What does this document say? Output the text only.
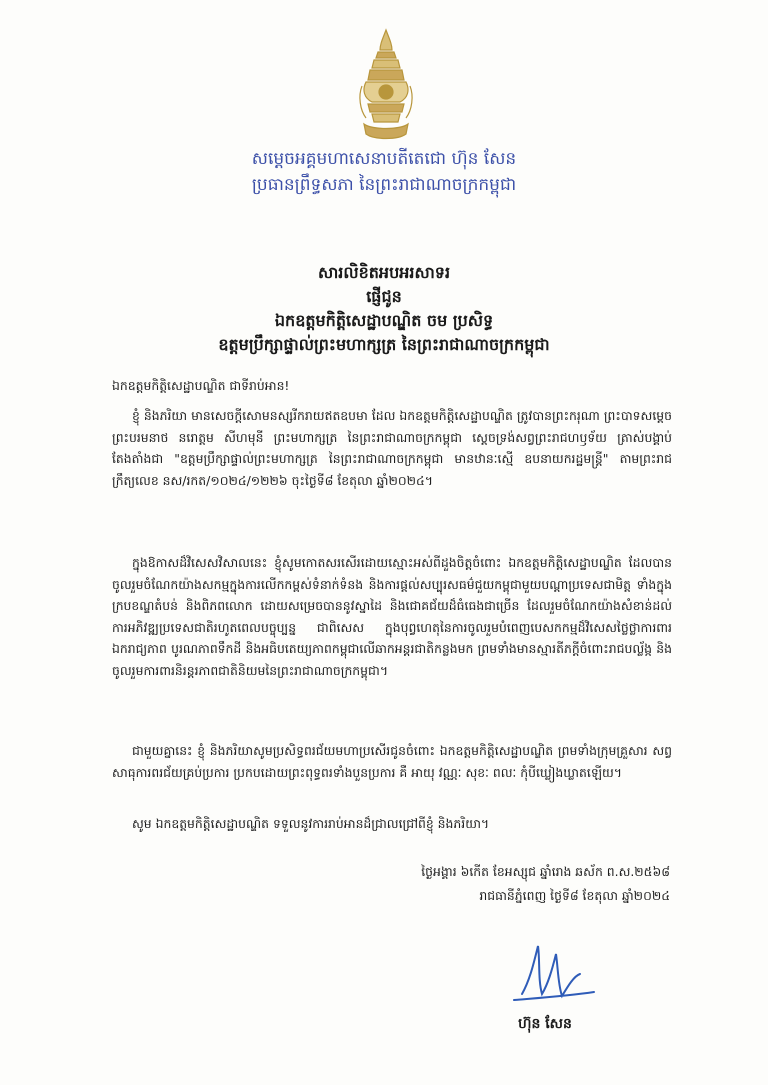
សម្ដេចអគ្គមហាសេនាបតីតេជោ ហ៊ុន សែន
ប្រធានព្រឹទ្ធសភា នៃព្រះរាជាណាចក្រកម្ពុជា
សារលិខិតអបអរសាទរ
ផ្ញើជូន
ឯកឧត្តមកិត្តិសេដ្ឋាបណ្ឌិត ចម ប្រសិទ្ធ
ឧត្តមប្រឹក្សាផ្ទាល់ព្រះមហាក្សត្រ នៃព្រះរាជាណាចក្រកម្ពុជា
ឯកឧត្តមកិត្តិសេដ្ឋាបណ្ឌិត ជាទីរាប់អាន!
ខ្ញុំ និងភរិយា មានសេចក្តីសោមនស្សរីករាយឥតឧបមា ដែល ឯកឧត្តមកិត្តិសេដ្ឋាបណ្ឌិត ត្រូវបានព្រះករុណា ព្រះបាទសម្ដេចព្រះបរមនាថ នរោត្តម សីហមុនី ព្រះមហាក្សត្រ នៃព្រះរាជាណាចក្រកម្ពុជា ស្ដេចទ្រង់សព្វព្រះរាជហឫទ័យ ត្រាស់បង្គាប់តែងតាំងជា "ឧត្តមប្រឹក្សាផ្ទាល់ព្រះមហាក្សត្រ នៃព្រះរាជាណាចក្រកម្ពុជា មានឋានៈស្មើ ឧបនាយករដ្ឋមន្ត្រី" តាមព្រះរាជក្រឹត្យលេខ នស/រកត/១០២៤/១២២៦ ចុះថ្ងៃទី៨ ខែតុលា ឆ្នាំ២០២៤។
ក្នុងឱកាសដ៏វិសេសវិសាលនេះ ខ្ញុំសូមកោតសរសើរដោយស្មោះអស់ពីដួងចិត្តចំពោះ ឯកឧត្តមកិត្តិសេដ្ឋាបណ្ឌិត ដែលបានចូលរួមចំណែកយ៉ាងសកម្មក្នុងការលើកកម្ពស់ទំនាក់ទំនង និងការផ្ដល់សប្បុរសធម៌ជួយកម្ពុជាមួយបណ្ដាប្រទេសជាមិត្ត ទាំងក្នុងក្របខណ្ឌតំបន់ និងពិភពលោក ដោយសម្រេចបាននូវស្នាដៃ និងជោគជ័យដ៏ធំធេងជាច្រើន ដែលរួមចំណែកយ៉ាងសំខាន់ដល់ការអភិវឌ្ឍប្រទេសជាតិរហូតពេលបច្ចុប្បន្ន ជាពិសេស ក្នុងបុព្វហេតុនៃការចូលរួមបំពេញបេសកកម្មដ៏វិសេសថ្លៃថ្លាការពារឯករាជ្យភាព បូរណភាពទឹកដី និងអធិបតេយ្យភាពកម្ពុជាលើឆាកអន្តរជាតិកន្លងមក ព្រមទាំងមានស្មារតីភក្ដីចំពោះរាជបល្ល័ង្ក និងចូលរួមការពារនិរន្តរភាពជាតិនិយមនៃព្រះរាជាណាចក្រកម្ពុជា។
ជាមួយគ្នានេះ ខ្ញុំ និងភរិយាសូមប្រសិទ្ធពរជ័យមហាប្រសើរជូនចំពោះ ឯកឧត្តមកិត្តិសេដ្ឋាបណ្ឌិត ព្រមទាំងក្រុមគ្រួសារ សព្វសាធុការពរជ័យគ្រប់ប្រការ ប្រកបដោយព្រះពុទ្ធពរទាំងបួនប្រការ គឺ អាយុ វណ្ណៈ សុខៈ ពលៈ កុំបីឃ្លៀងឃ្លាតឡើយ។
សូម ឯកឧត្តមកិត្តិសេដ្ឋាបណ្ឌិត ទទួលនូវការរាប់អានដ៏ជ្រាលជ្រៅពីខ្ញុំ និងភរិយា។
ថ្ងៃអង្គារ ៦កើត ខែអស្សុជ ឆ្នាំរោង ឆស័ក ព.ស.២៥៦៨
រាជធានីភ្នំពេញ ថ្ងៃទី៨ ខែតុលា ឆ្នាំ២០២៤
ហ៊ុន សែន
